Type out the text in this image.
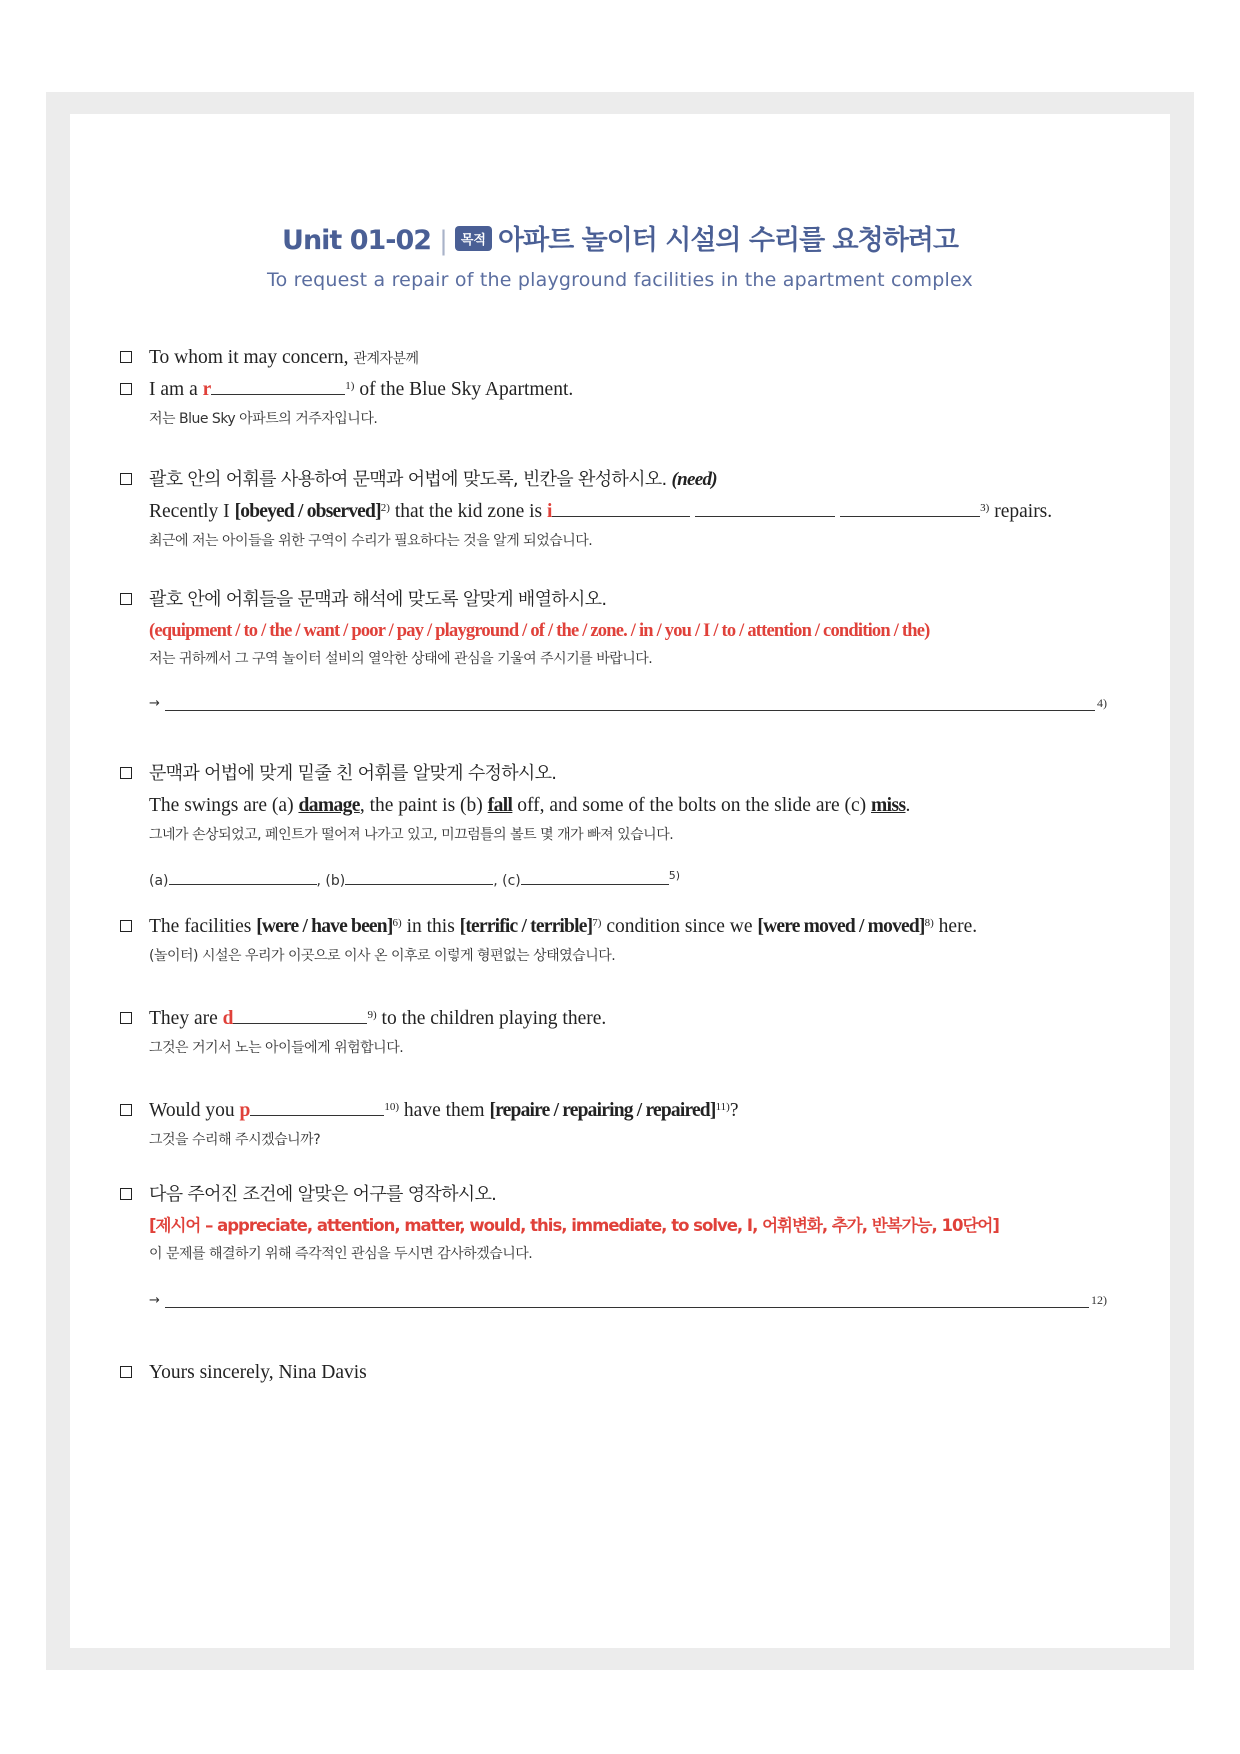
Unit 01-02 | 목적 아파트 놀이터 시설의 수리를 요청하려고
To request a repair of the playground facilities in the apartment complex
To whom it may concern, 관계자분께
I am a r	$^{1)}$ of the Blue Sky Apartment.
저는 Blue Sky 아파트의 거주자입니다.
괄호 안의 어휘를 사용하여 문맥과 어법에 맞도록, 빈칸을 완성하시오. (need)
Recently I [obeyed / observed]$^{2)}$ that the kid zone is i	$^{3)}$ repairs.
최근에 저는 아이들을 위한 구역이 수리가 필요하다는 것을 알게 되었습니다.
괄호 안에 어휘들을 문맥과 해석에 맞도록 알맞게 배열하시오.
(equipment / to / the / want / poor / pay / playground / of / the / zone. / in / you / I / to / attention / condition / the)
저는 귀하께서 그 구역 놀이터 설비의 열악한 상태에 관심을 기울여 주시기를 바랍니다.
→	4)
문맥과 어법에 맞게 밑줄 친 어휘를 알맞게 수정하시오.
The swings are (a) damage, the paint is (b) fall off, and some of the bolts on the slide are (c) miss.
그네가 손상되었고, 페인트가 떨어져 나가고 있고, 미끄럼틀의 볼트 몇 개가 빠져 있습니다.
(a)	, (b)	, (c)	$^{5)}$
The facilities [were / have been]$^{6)}$ in this [terrific / terrible]$^{7)}$ condition since we [were moved / moved]$^{8)}$ here.
(놀이터) 시설은 우리가 이곳으로 이사 온 이후로 이렇게 형편없는 상태였습니다.
They are d	$^{9)}$ to the children playing there.
그것은 거기서 노는 아이들에게 위험합니다.
Would you p	$^{10)}$ have them [repaire / repairing / repaired]$^{11)}$?
그것을 수리해 주시겠습니까?
다음 주어진 조건에 알맞은 어구를 영작하시오.
[제시어 – appreciate, attention, matter, would, this, immediate, to solve, I, 어휘변화, 추가, 반복가능, 10단어]
이 문제를 해결하기 위해 즉각적인 관심을 두시면 감사하겠습니다.
→	12)
Yours sincerely, Nina Davis
